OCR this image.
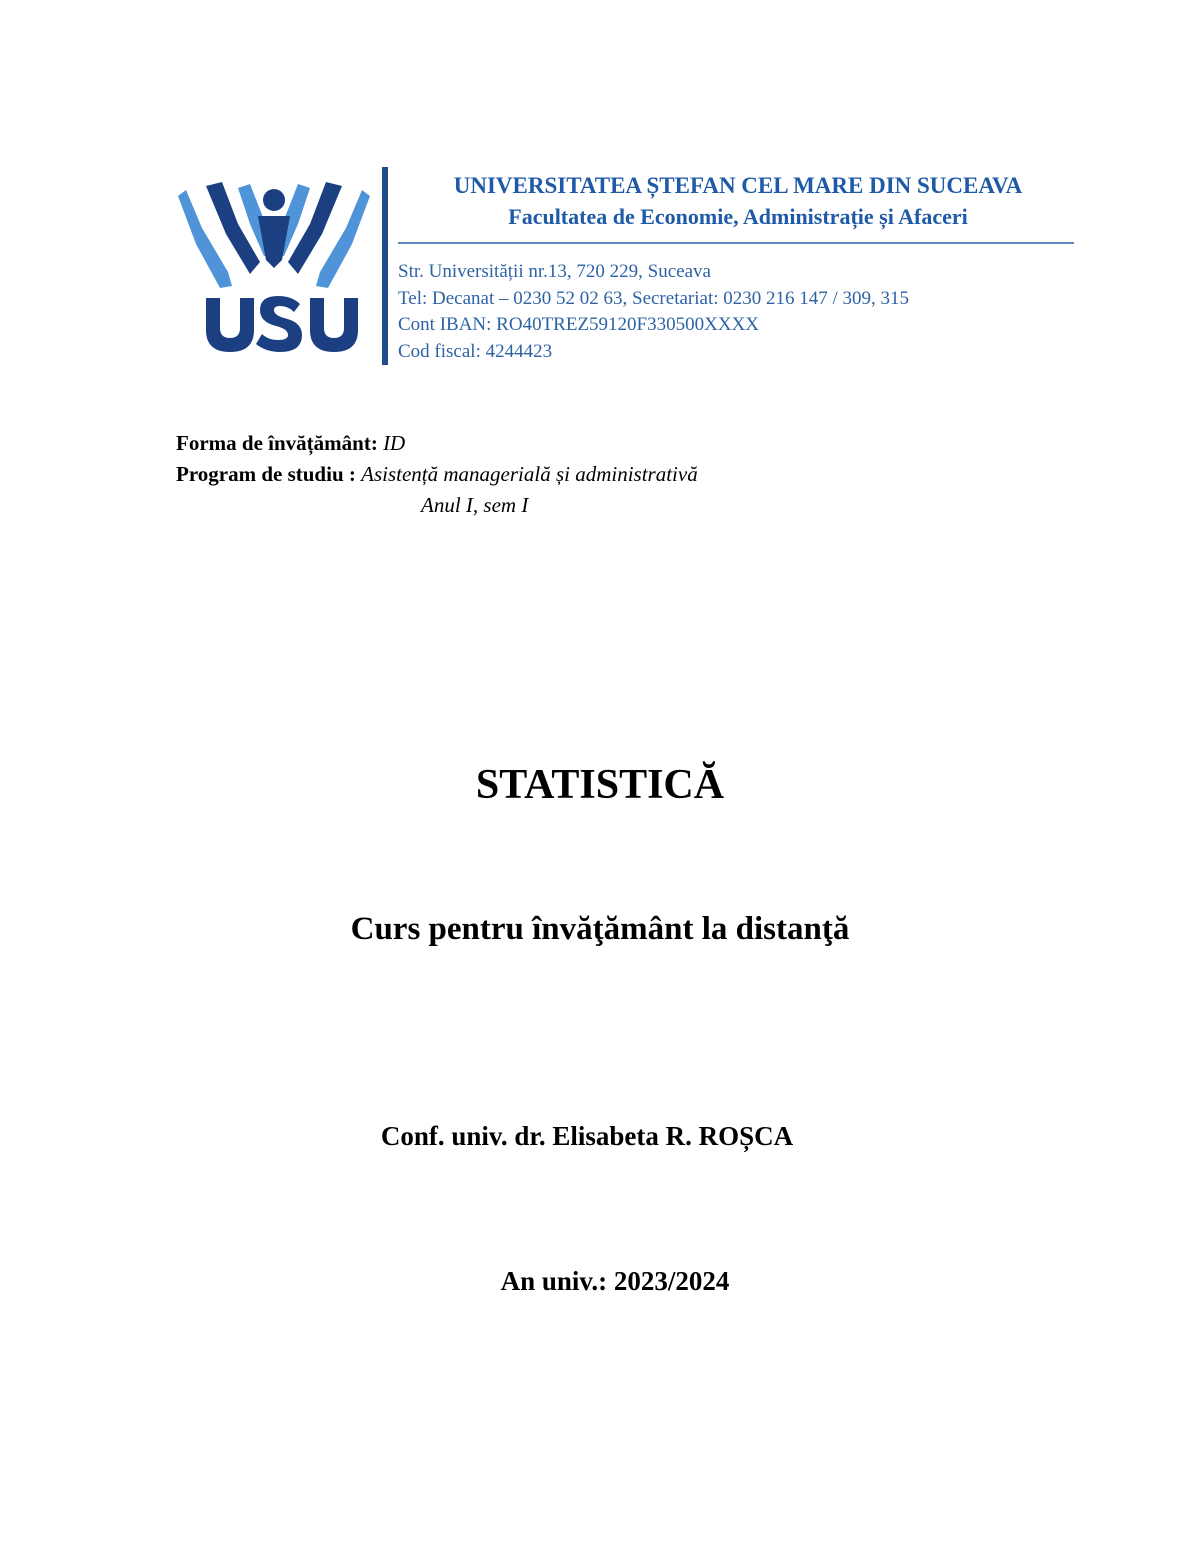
UNIVERSITATEA ȘTEFAN CEL MARE DIN SUCEAVA
Facultatea de Economie, Administrație și Afaceri
Str. Universității nr.13, 720 229, Suceava
Tel: Decanat – 0230 52 02 63, Secretariat: 0230 216 147 / 309, 315
Cont IBAN: RO40TREZ59120F330500XXXX
Cod fiscal: 4244423
Forma de învățământ: ID
Program de studiu : Asistență managerială și administrativă
Anul I, sem I
STATISTICĂ
Curs pentru învăţământ la distanţă
Conf. univ. dr. Elisabeta R. ROȘCA
An univ.: 2023/2024
